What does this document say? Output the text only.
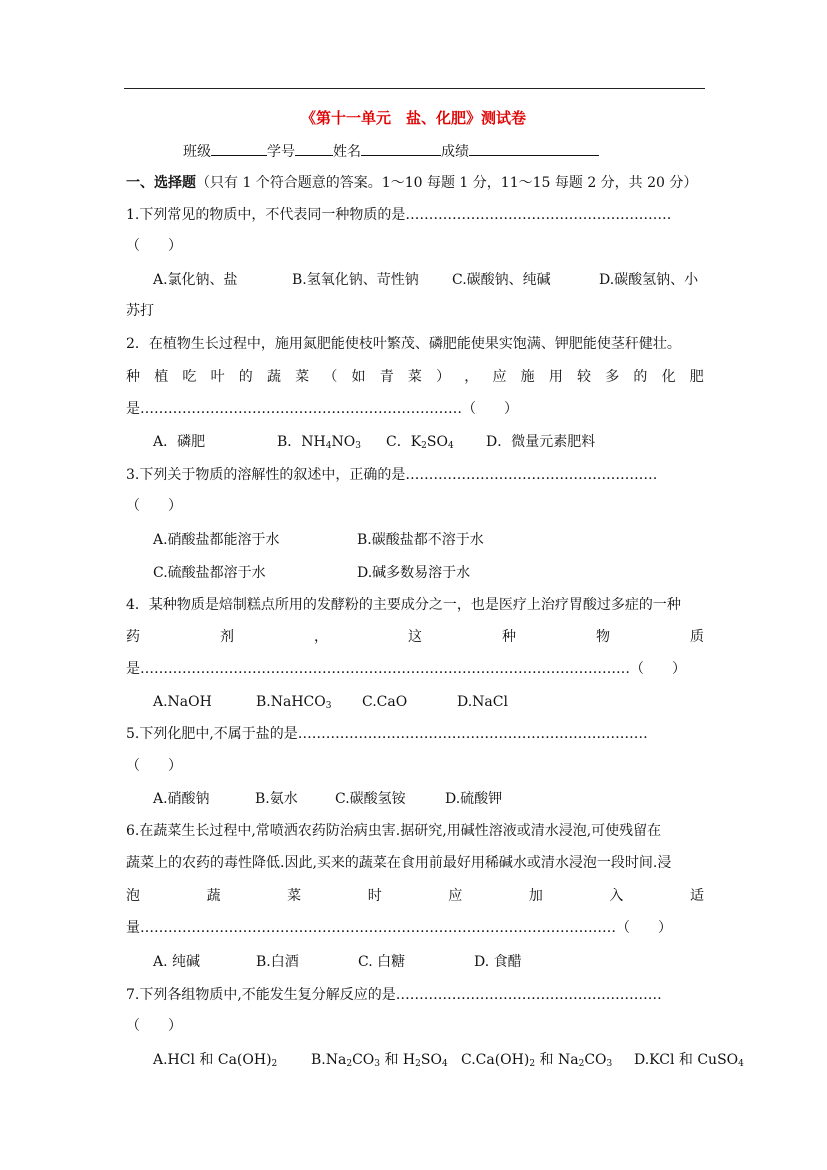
《第十一单元　盐、化肥》测试卷
班级	学号	姓名	成绩
一、选择题（只有 1 个符合题意的答案。1～10 每题 1 分，11～15 每题 2 分，共 20 分）
1.下列常见的物质中，不代表同一种物质的是…………………………………………………
（　　）
A.氯化钠、盐	B.氢氧化钠、苛性钠 C.碳酸钠、纯碱	D.碳酸氢钠、小
苏打
2．在植物生长过程中，施用氮肥能使枝叶繁茂、磷肥能使果实饱满、钾肥能使茎秆健壮。
种 植 吃 叶 的 蔬 菜 （ 如 青 菜 ） ， 应 施 用 较 多 的 化 肥
是……………………………………………………………（　　）
A．磷肥	B．$NH_4NO_3$ C．$K_2SO_4$ D．微量元素肥料
3.下列关于物质的溶解性的叙述中，正确的是………………………………………………
（　　）
A.硝酸盐都能溶于水	B.碳酸盐都不溶于水
C.硫酸盐都溶于水	D.碱多数易溶于水
4．某种物质是焙制糕点所用的发酵粉的主要成分之一，也是医疗上治疗胃酸过多症的一种
药	剂	，	这	种	物	质
是……………………………………………………………………………………………（　　）
A.NaOH	B.NaHCO$_3$ C.CaO	D.NaCl
5.下列化肥中,不属于盐的是…………………………………………………………………
（　　）
A.硝酸钠	B.氨水	C.碳酸氢铵	D.硫酸钾
6.在蔬菜生长过程中,常喷洒农药防治病虫害.据研究,用碱性溶液或清水浸泡,可使残留在
蔬菜上的农药的毒性降低.因此,买来的蔬菜在食用前最好用稀碱水或清水浸泡一段时间.浸
泡	蔬	菜	时	应	加	入	适
量…………………………………………………………………………………………（　　）
A. 纯碱	B.白酒	C. 白糖	D. 食醋
7.下列各组物质中,不能发生复分解反应的是…………………………………………………
（　　）
A.HCl 和 $Ca(OH)_2$ $B.Na_2CO_3$ 和 $H_2SO_4$ $C.Ca(OH)_2$ 和 $Na_2CO_3$ D.KCl 和 CuSO$_4$
